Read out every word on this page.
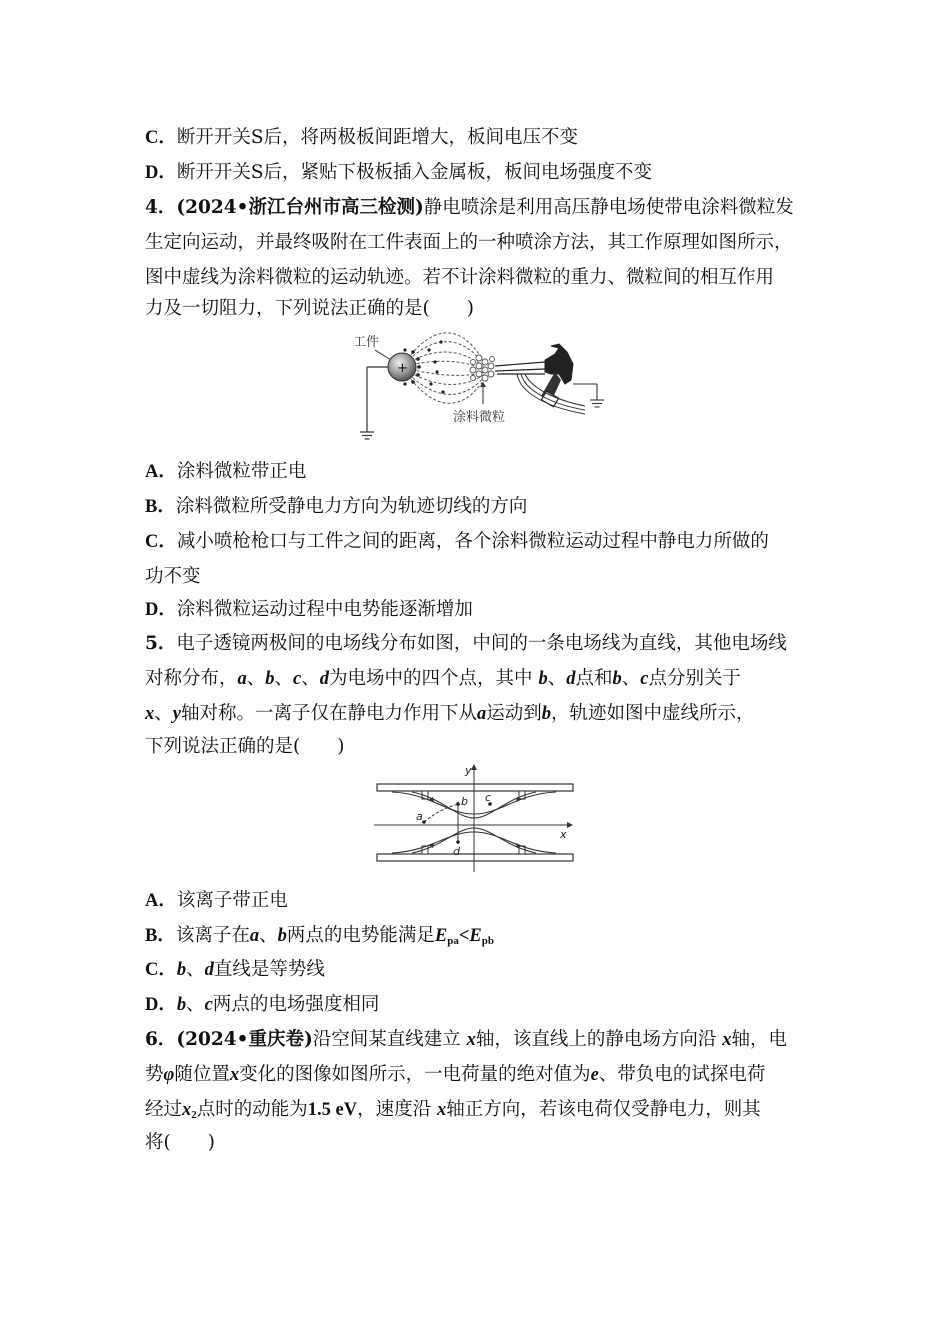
C．断开开关S后，将两极板间距增大，板间电压不变
D．断开开关S后，紧贴下极板插入金属板，板间电场强度不变
4．(2024•浙江台州市高三检测)静电喷涂是利用高压静电场使带电涂料微粒发
生定向运动，并最终吸附在工件表面上的一种喷涂方法，其工作原理如图所示，
图中虚线为涂料微粒的运动轨迹。若不计涂料微粒的重力、微粒间的相互作用
力及一切阻力，下列说法正确的是(　　)
工件
+
涂料微粒
A．涂料微粒带正电
B．涂料微粒所受静电力方向为轨迹切线的方向
C．减小喷枪枪口与工件之间的距离，各个涂料微粒运动过程中静电力所做的
功不变
D．涂料微粒运动过程中电势能逐渐增加
5．电子透镜两极间的电场线分布如图，中间的一条电场线为直线，其他电场线
对称分布，a、b、c、d为电场中的四个点，其中 b、d点和b、c点分别关于
x、y轴对称。一离子仅在静电力作用下从a运动到b，轨迹如图中虚线所示，
下列说法正确的是(　　)
x
y
a
b c
d
A．该离子带正电
B．该离子在a、b两点的电势能满足$E_{pa}<E_{pb}$
C．b、d直线是等势线
D．b、c两点的电场强度相同
6．(2024•重庆卷)沿空间某直线建立 x轴，该直线上的静电场方向沿 x轴，电
势φ随位置x变化的图像如图所示，一电荷量的绝对值为e、带负电的试探电荷
经过$x_2$点时的动能为1.5 eV，速度沿 x轴正方向，若该电荷仅受静电力，则其
将(　　)
